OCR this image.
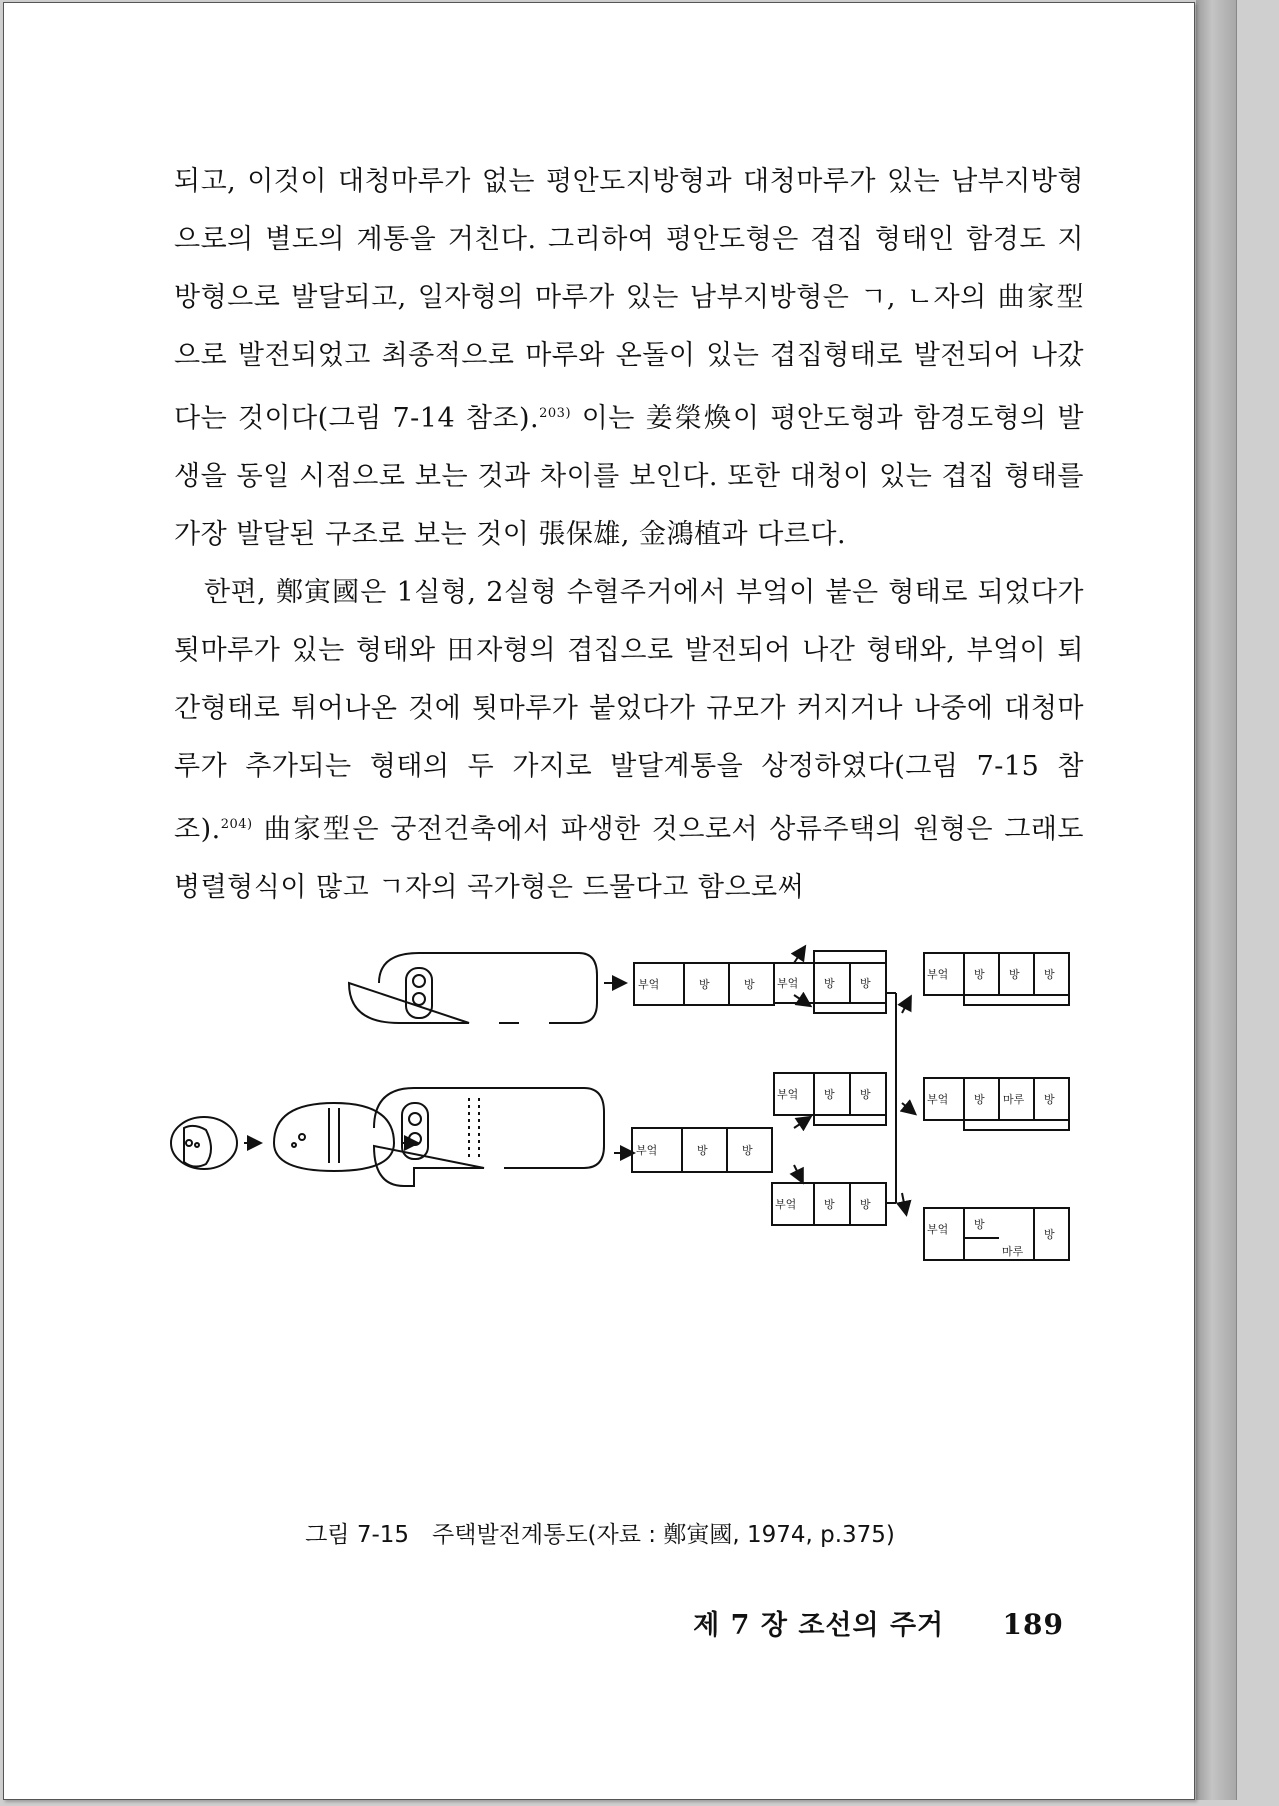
되고, 이것이 대청마루가 없는 평안도지방형과 대청마루가 있는 남부지방형으로의 별도의 계통을 거친다. 그리하여 평안도형은 겹집 형태인 함경도 지방형으로 발달되고, 일자형의 마루가 있는 남부지방형은 ㄱ, ㄴ자의 曲家型으로 발전되었고 최종적으로 마루와 온돌이 있는 겹집형태로 발전되어 나갔다는 것이다(그림 7-14 참조).$^{203)}$ 이는 姜榮煥이 평안도형과 함경도형의 발생을 동일 시점으로 보는 것과 차이를 보인다. 또한 대청이 있는 겹집 형태를 가장 발달된 구조로 보는 것이 張保雄, 金鴻植과 다르다.

한편, 鄭寅國은 1실형, 2실형 수혈주거에서 부엌이 붙은 형태로 되었다가 툇마루가 있는 형태와 田자형의 겹집으로 발전되어 나간 형태와, 부엌이 퇴간형태로 튀어나온 것에 툇마루가 붙었다가 규모가 커지거나 나중에 대청마루가 추가되는 형태의 두 가지로 발달계통을 상정하였다(그림 7-15 참조).$^{204)}$ 曲家型은 궁전건축에서 파생한 것으로서 상류주택의 원형은 그래도 병렬형식이 많고 ㄱ자의 곡가형은 드물다고 함으로써

부엌	방	방
부엌	방	방
부엌 방 방
부엌 방 방
부엌	방 방
부엌 방 방 방
부엌 방 마루 방
부엌 방
마루
방
그림 7-15　주택발전계통도(자료 : 鄭寅國, 1974, p.375)
제 7 장 조선의 주거 189
